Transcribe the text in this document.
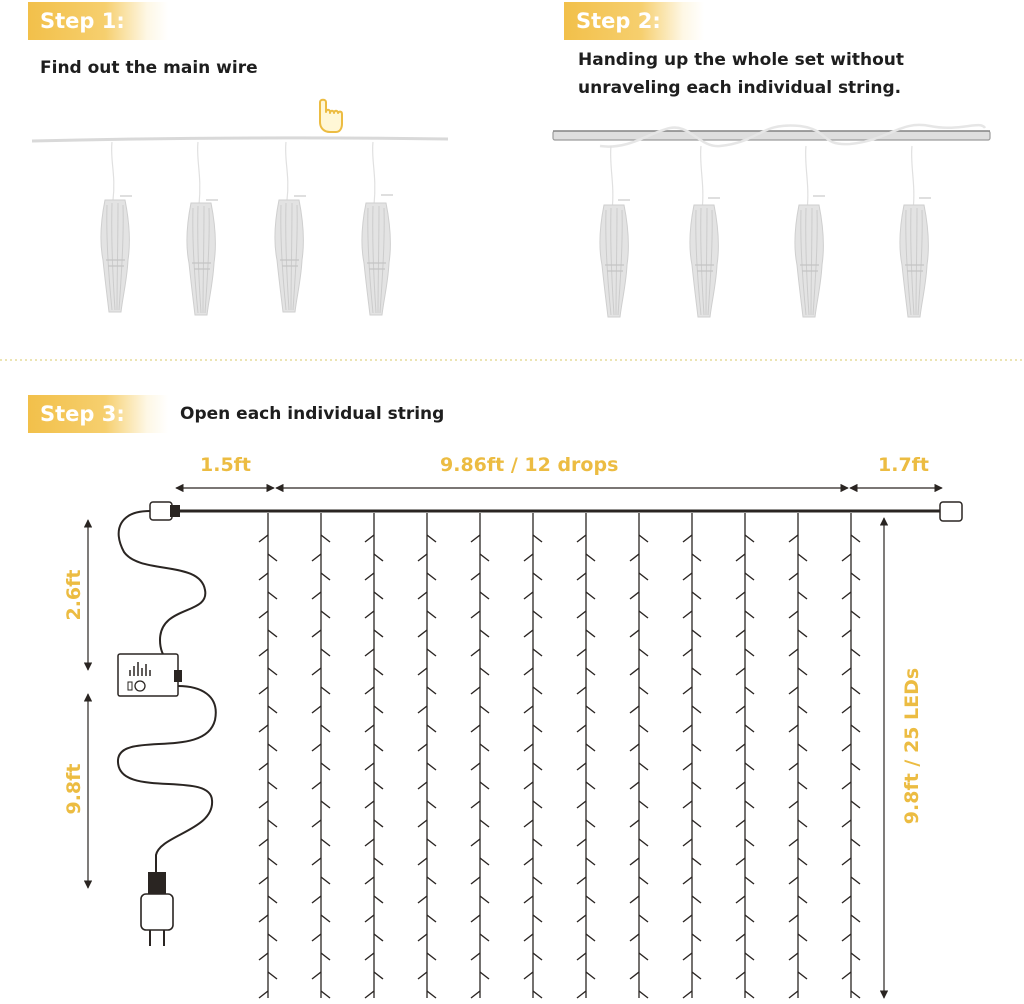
Step 1:
Find out the main wire
Step 2:
Handing up the whole set without
unraveling each individual string.
Step 3:	Open each individual string
1.5ft	9.86ft / 12 drops	1.7ft
2.6ft
9.8ft	9.8ft / 25 LEDs
